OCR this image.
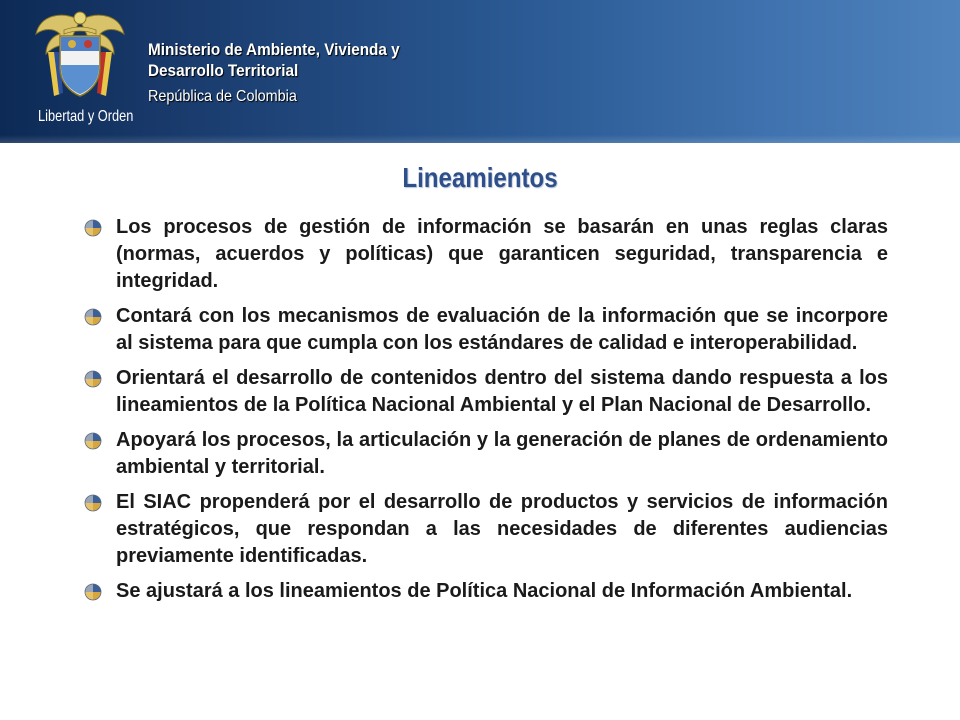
Libertad y Orden
Ministerio de Ambiente, Vivienda y
Desarrollo Territorial
República de Colombia
Lineamientos
Los procesos de gestión de información se basarán en unas reglas claras (normas, acuerdos y políticas) que garanticen seguridad, transparencia e integridad.
Contará con los mecanismos de evaluación de la información que se incorpore al sistema para que cumpla con los estándares de calidad e interoperabilidad.
Orientará el desarrollo de contenidos dentro del sistema dando respuesta a los lineamientos de la Política Nacional Ambiental y el Plan Nacional de Desarrollo.
Apoyará los procesos, la articulación y la generación de planes de ordenamiento ambiental y territorial.
El SIAC propenderá por el desarrollo de productos y servicios de información estratégicos, que respondan a las necesidades de diferentes audiencias previamente identificadas.
Se ajustará a los lineamientos de Política Nacional de Información Ambiental.
